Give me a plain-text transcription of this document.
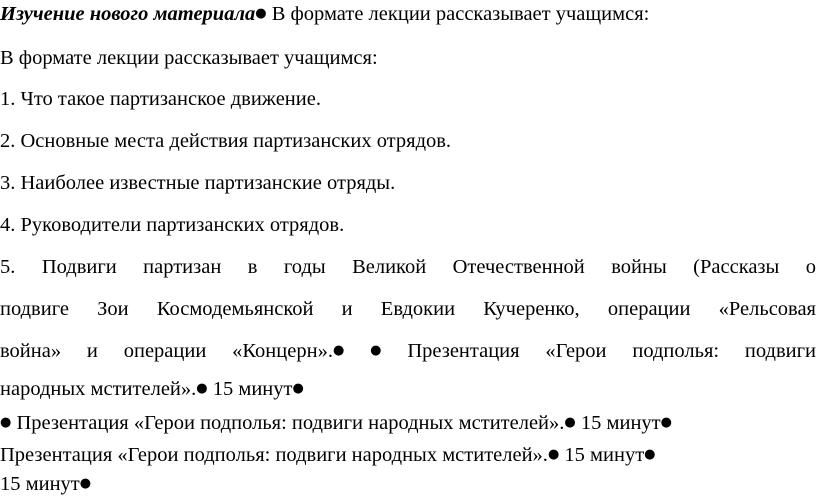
Изучение нового материала● В формате лекции рассказывает учащимся:
В формате лекции рассказывает учащимся:
1. Что такое партизанское движение.
2. Основные места действия партизанских отрядов.
3. Наиболее известные партизанские отряды.
4. Руководители партизанских отрядов.
5. Подвиги партизан в годы Великой Отечественной войны (Рассказы о
подвиге Зои Космодемьянской и Евдокии Кучеренко, операции «Рельсовая
война» и операции «Концерн».● ● Презентация «Герои подполья: подвиги
народных мстителей».● 15 минут●
● Презентация «Герои подполья: подвиги народных мстителей».● 15 минут●
Презентация «Герои подполья: подвиги народных мстителей».● 15 минут●
15 минут●
